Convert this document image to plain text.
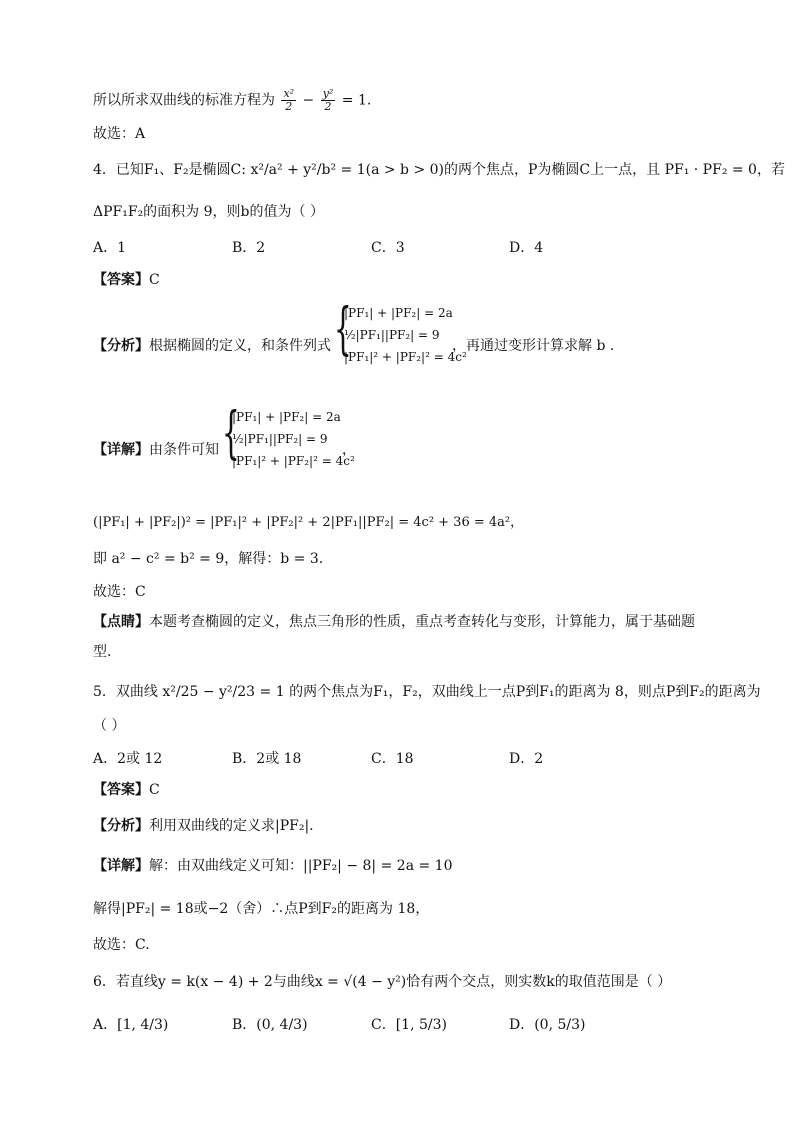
所以所求双曲线的标准方程为 $\frac{\text{x²}}{2} - \frac{\text{y²}}{2} = 1$.
故选：A
4．已知F₁、F₂是椭圆C: x²/a² + y²/b² = 1(a > b > 0)的两个焦点，P为椭圆C上一点，且 PF₁ · PF₂ = 0，若
ΔPF₁F₂的面积为 9，则b的值为（ ）
A．1	B．2	C．3	D．4
【答案】C
【分析】根据椭圆的定义，和条件列式 {
|PF₁| + |PF₂| = 2a
½|PF₁||PF₂| = 9
|PF₁|² + |PF₂|² = 4c²
，再通过变形计算求解 b .
【详解】由条件可知 {
|PF₁| + |PF₂| = 2a
½|PF₁||PF₂| = 9
|PF₁|² + |PF₂|² = 4c²
，
(|PF₁| + |PF₂|)² = |PF₁|² + |PF₂|² + 2|PF₁||PF₂| = 4c² + 36 = 4a²，
即 a² − c² = b² = 9，解得：b = 3.
故选：C
【点睛】本题考查椭圆的定义，焦点三角形的性质，重点考查转化与变形，计算能力，属于基础题
型.
5．双曲线 x²/25 − y²/23 = 1 的两个焦点为F₁，F₂，双曲线上一点P到F₁的距离为 8，则点P到F₂的距离为
（ ）
A．2或 12	B．2或 18	C．18	D．2
【答案】C
【分析】利用双曲线的定义求|PF₂|.
【详解】解：由双曲线定义可知：||PF₂| − 8| = 2a = 10
解得|PF₂| = 18或−2（舍）∴点P到F₂的距离为 18，
故选：C.
6．若直线y = k(x − 4) + 2与曲线x = √(4 − y²)恰有两个交点，则实数k的取值范围是（ ）
A．[1, 4/3)	B．(0, 4/3)	C．[1, 5/3)	D．(0, 5/3)
